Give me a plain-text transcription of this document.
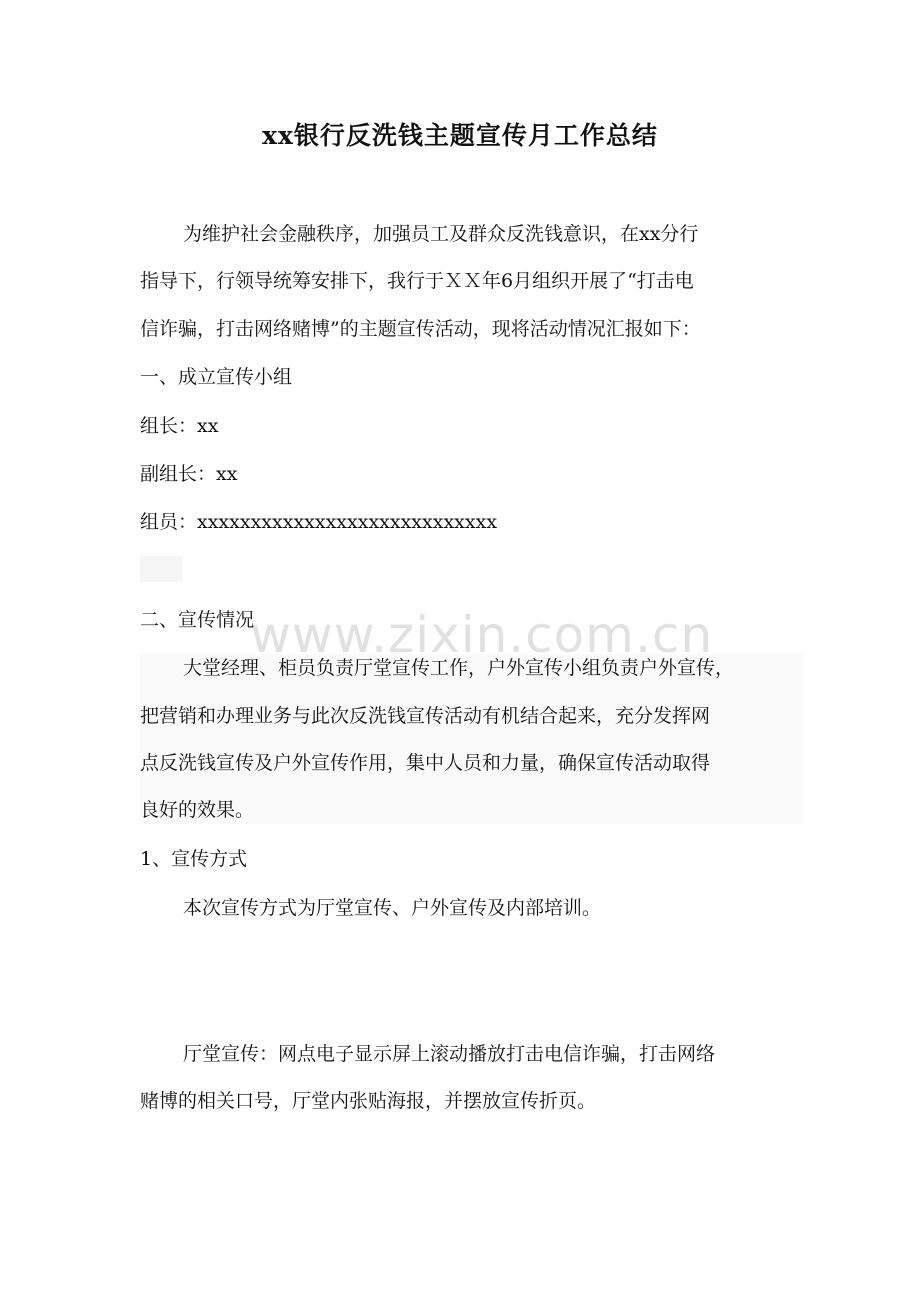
www.zixin.com.cn
xx银行反洗钱主题宣传月工作总结
为维护社会金融秩序，加强员工及群众反洗钱意识，在xx分行
指导下，行领导统筹安排下，我行于ＸＸ年6月组织开展了“打击电
信诈骗，打击网络赌博”的主题宣传活动，现将活动情况汇报如下：
一、成立宣传小组
组长：xx
副组长：xx
组员：xxxxxxxxxxxxxxxxxxxxxxxxxxxx
二、宣传情况
大堂经理、柜员负责厅堂宣传工作，户外宣传小组负责户外宣传，
把营销和办理业务与此次反洗钱宣传活动有机结合起来，充分发挥网
点反洗钱宣传及户外宣传作用，集中人员和力量，确保宣传活动取得
良好的效果。
1、宣传方式
本次宣传方式为厅堂宣传、户外宣传及内部培训。
厅堂宣传：网点电子显示屏上滚动播放打击电信诈骗，打击网络
赌博的相关口号，厅堂内张贴海报，并摆放宣传折页。
